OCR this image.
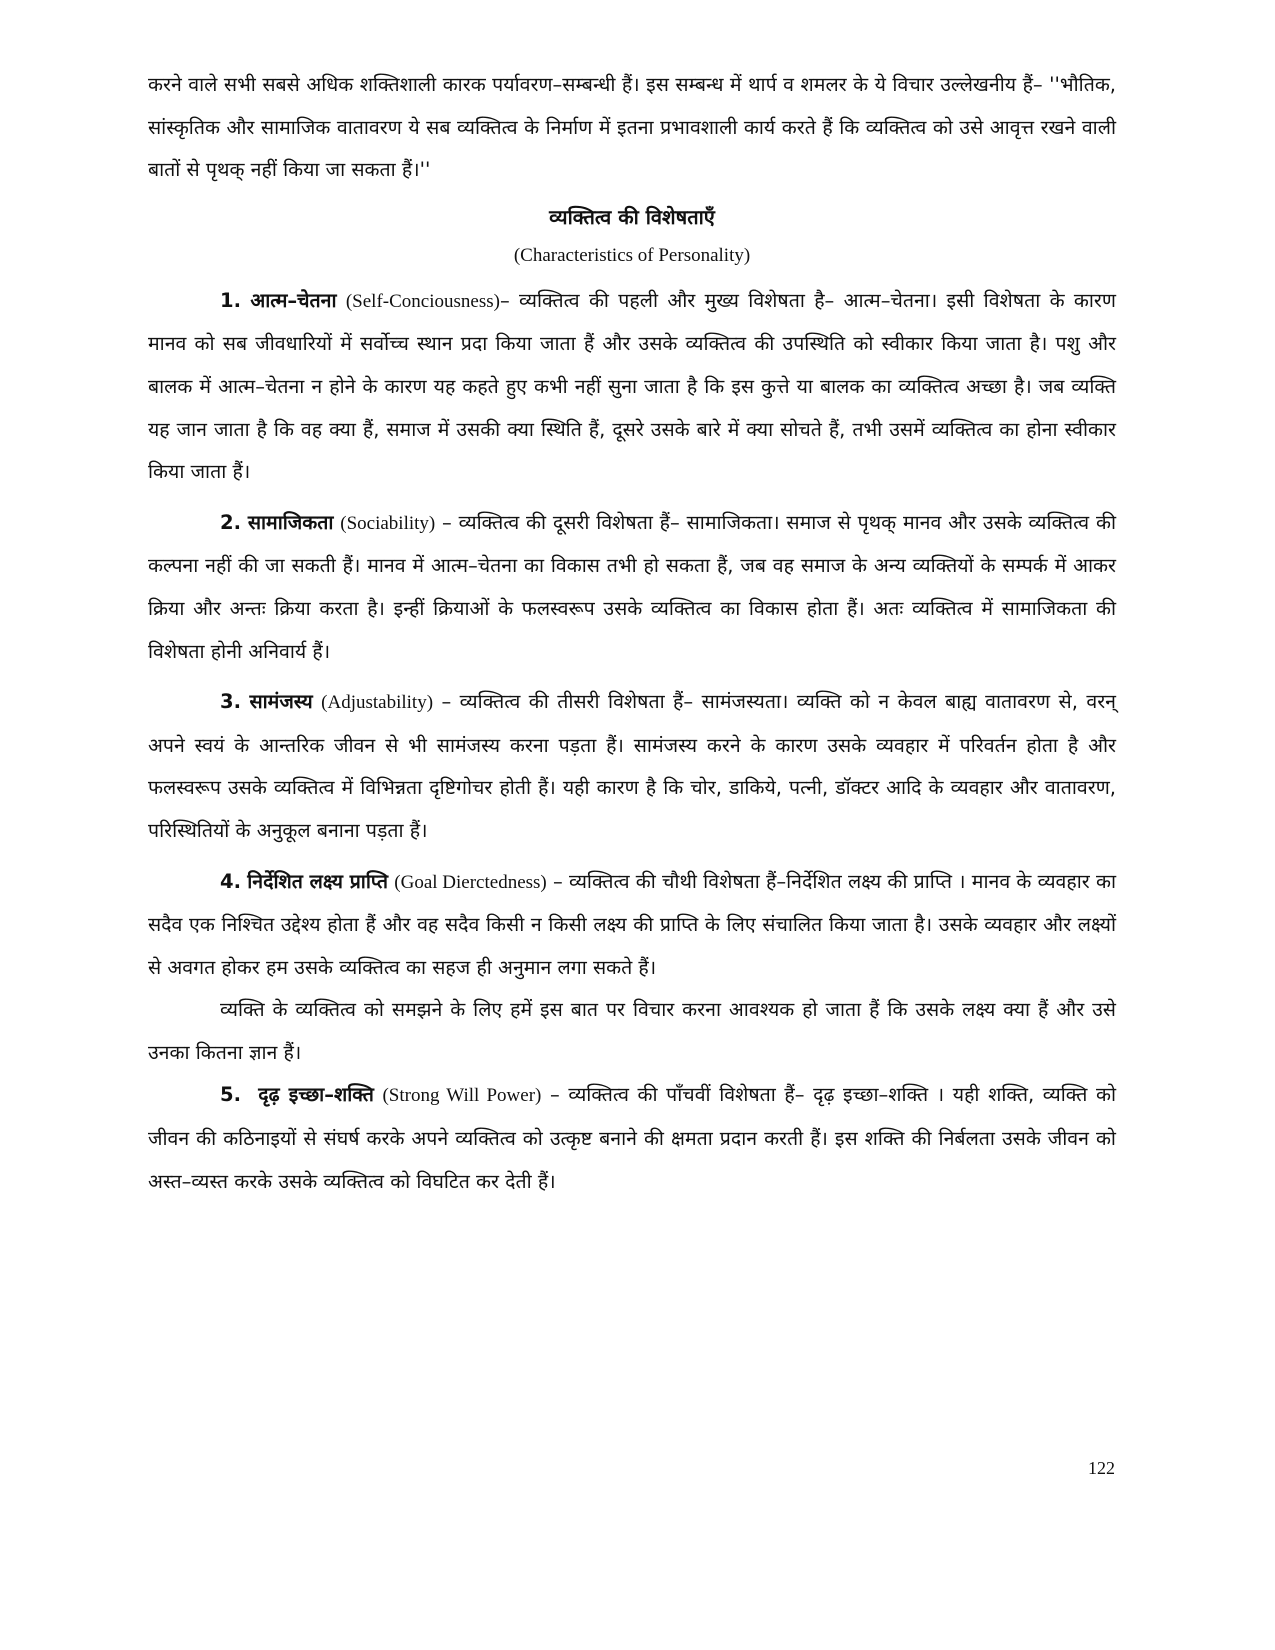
करने वाले सभी सबसे अधिक शक्तिशाली कारक पर्यावरण–सम्बन्धी हैं। इस सम्बन्ध में थार्प व शमलर के ये विचार उल्लेखनीय हैं– ''भौतिक, सांस्कृतिक और सामाजिक वातावरण ये सब व्यक्तित्व के निर्माण में इतना प्रभावशाली कार्य करते हैं कि व्यक्तित्व को उसे आवृत्त रखने वाली बातों से पृथक् नहीं किया जा सकता हैं।''

व्यक्तित्व की विशेषताएँ
(Characteristics of Personality)

1. आत्म–चेतना (Self-Conciousness)– व्यक्तित्व की पहली और मुख्य विशेषता है– आत्म–चेतना। इसी विशेषता के कारण मानव को सब जीवधारियों में सर्वोच्च स्थान प्रदा किया जाता हैं और उसके व्यक्तित्व की उपस्थिति को स्वीकार किया जाता है। पशु और बालक में आत्म–चेतना न होने के कारण यह कहते हुए कभी नहीं सुना जाता है कि इस कुत्ते या बालक का व्यक्तित्व अच्छा है। जब व्यक्ति यह जान जाता है कि वह क्या हैं, समाज में उसकी क्या स्थिति हैं, दूसरे उसके बारे में क्या सोचते हैं, तभी उसमें व्यक्तित्व का होना स्वीकार किया जाता हैं।

2. सामाजिकता (Sociability) – व्यक्तित्व की दूसरी विशेषता हैं– सामाजिकता। समाज से पृथक् मानव और उसके व्यक्तित्व की कल्पना नहीं की जा सकती हैं। मानव में आत्म–चेतना का विकास तभी हो सकता हैं, जब वह समाज के अन्य व्यक्तियों के सम्पर्क में आकर क्रिया और अन्तः क्रिया करता है। इन्हीं क्रियाओं के फलस्वरूप उसके व्यक्तित्व का विकास होता हैं। अतः व्यक्तित्व में सामाजिकता की विशेषता होनी अनिवार्य हैं।

3. सामंजस्य (Adjustability) – व्यक्तित्व की तीसरी विशेषता हैं– सामंजस्यता। व्यक्ति को न केवल बाह्य वातावरण से, वरन् अपने स्वयं के आन्तरिक जीवन से भी सामंजस्य करना पड़ता हैं। सामंजस्य करने के कारण उसके व्यवहार में परिवर्तन होता है और फलस्वरूप उसके व्यक्तित्व में विभिन्नता दृष्टिगोचर होती हैं। यही कारण है कि चोर, डाकिये, पत्नी, डॉक्टर आदि के व्यवहार और वातावरण, परिस्थितियों के अनुकूल बनाना पड़ता हैं।

4. निर्देशित लक्ष्य प्राप्ति (Goal Dierctedness) – व्यक्तित्व की चौथी विशेषता हैं–निर्देशित लक्ष्य की प्राप्ति । मानव के व्यवहार का सदैव एक निश्चित उद्देश्य होता हैं और वह सदैव किसी न किसी लक्ष्य की प्राप्ति के लिए संचालित किया जाता है। उसके व्यवहार और लक्ष्यों से अवगत होकर हम उसके व्यक्तित्व का सहज ही अनुमान लगा सकते हैं।

व्यक्ति के व्यक्तित्व को समझने के लिए हमें इस बात पर विचार करना आवश्यक हो जाता हैं कि उसके लक्ष्य क्या हैं और उसे उनका कितना ज्ञान हैं।

5. दृढ़ इच्छा–शक्ति (Strong Will Power) – व्यक्तित्व की पाँचवीं विशेषता हैं– दृढ़ इच्छा–शक्ति । यही शक्ति, व्यक्ति को जीवन की कठिनाइयों से संघर्ष करके अपने व्यक्तित्व को उत्कृष्ट बनाने की क्षमता प्रदान करती हैं। इस शक्ति की निर्बलता उसके जीवन को अस्त–व्यस्त करके उसके व्यक्तित्व को विघटित कर देती हैं।

122
